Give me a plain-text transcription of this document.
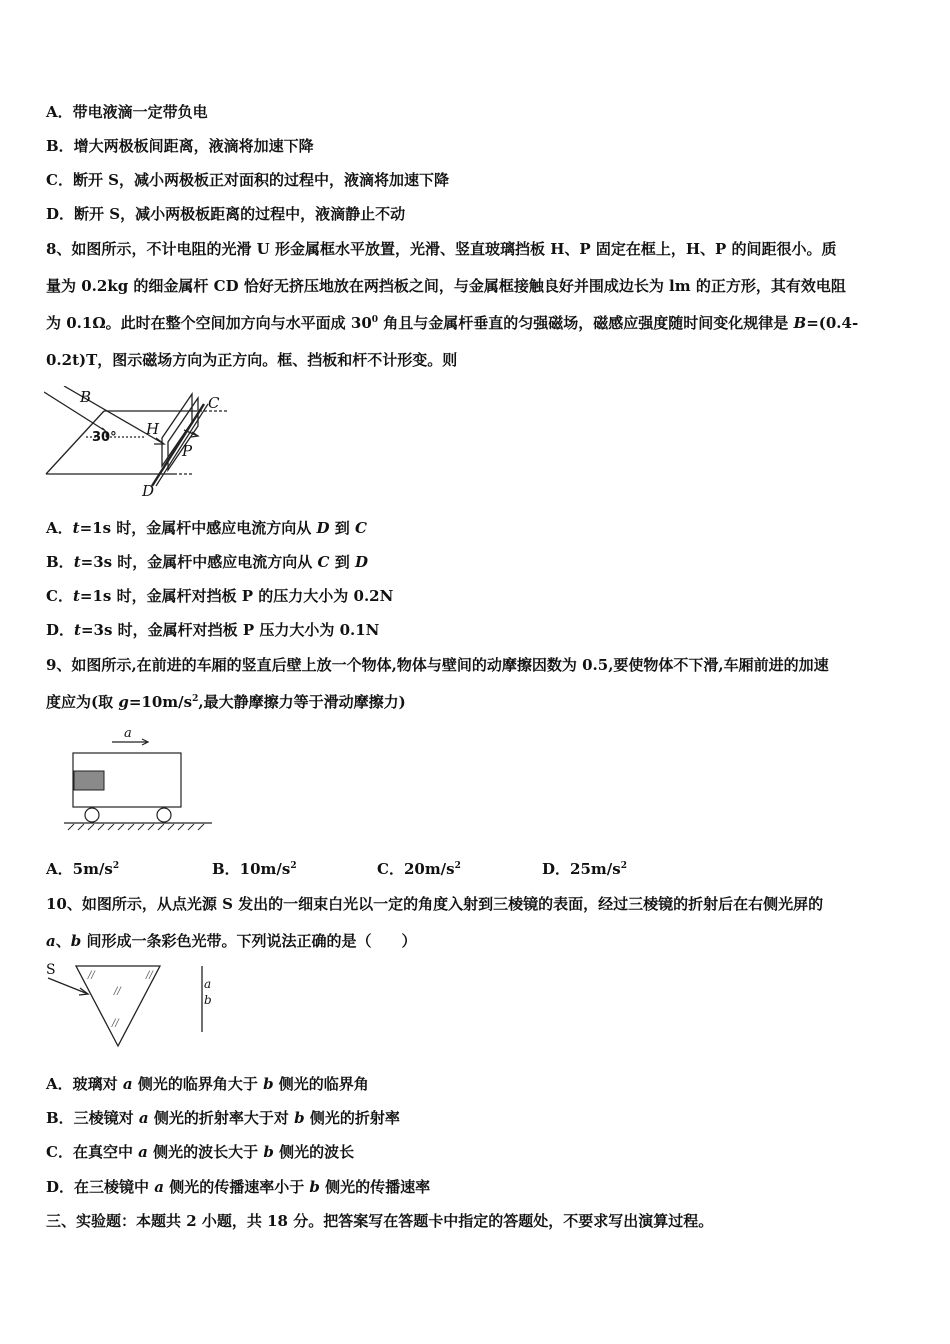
A．带电液滴一定带负电
B．增大两极板间距离，液滴将加速下降
C．断开 S，减小两极板正对面积的过程中，液滴将加速下降
D．断开 S，减小两极板距离的过程中，液滴静止不动
8、如图所示，不计电阻的光滑 U 形金属框水平放置，光滑、竖直玻璃挡板 H、P 固定在框上，H、P 的间距很小。质
量为 0.2kg 的细金属杆 CD 恰好无挤压地放在两挡板之间，与金属框接触良好并围成边长为 lm 的正方形，其有效电阻
为 0.1Ω。此时在整个空间加方向与水平面成 $30^0$ 角且与金属杆垂直的匀强磁场，磁感应强度随时间变化规律是 B=(0.4-
0.2t)T，图示磁场方向为正方向。框、挡板和杆不计形变。则
B	C
H
P
D
30°
A．t=1s 时，金属杆中感应电流方向从 D 到 C
B．t=3s 时，金属杆中感应电流方向从 C 到 D
C．t=1s 时，金属杆对挡板 P 的压力大小为 0.2N
D．t=3s 时，金属杆对挡板 P 压力大小为 0.1N
9、如图所示,在前进的车厢的竖直后壁上放一个物体,物体与壁间的动摩擦因数为 0.5,要使物体不下滑,车厢前进的加速
度应为(取 $g=10m/s^2$,最大静摩擦力等于滑动摩擦力)
a
A．$5m/s^2$	B．$10m/s^2$	C．$20m/s^2$	D．$25m/s^2$
10、如图所示，从点光源 S 发出的一细束白光以一定的角度入射到三棱镜的表面，经过三棱镜的折射后在右侧光屏的
a、b 间形成一条彩色光带。下列说法正确的是（　　）
//
//
//
//
S
a
b
A．玻璃对 a 侧光的临界角大于 b 侧光的临界角
B．三棱镜对 a 侧光的折射率大于对 b 侧光的折射率
C．在真空中 a 侧光的波长大于 b 侧光的波长
D．在三棱镜中 a 侧光的传播速率小于 b 侧光的传播速率
三、实验题：本题共 2 小题，共 18 分。把答案写在答题卡中指定的答题处，不要求写出演算过程。
